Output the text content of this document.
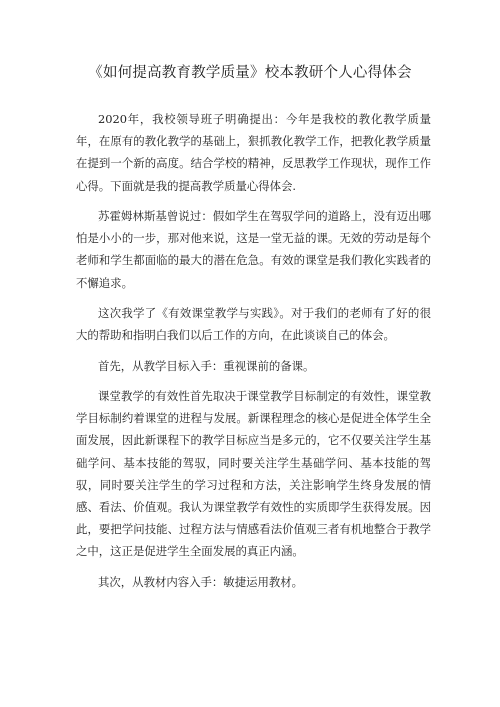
《如何提高教育教学质量》校本教研个人心得体会

2020年，我校领导班子明确提出：今年是我校的教化教学质量年，在原有的教化教学的基础上，狠抓教化教学工作，把教化教学质量在提到一个新的高度。结合学校的精神，反思教学工作现状，现作工作心得。下面就是我的提高教学质量心得体会.

苏霍姆林斯基曾说过：假如学生在驾驭学问的道路上，没有迈出哪怕是小小的一步，那对他来说，这是一堂无益的课。无效的劳动是每个老师和学生都面临的最大的潜在危急。有效的课堂是我们教化实践者的不懈追求。

这次我学了《有效课堂教学与实践》。对于我们的老师有了好的很大的帮助和指明白我们以后工作的方向，在此谈谈自己的体会。

首先，从教学目标入手：重视课前的备课。

课堂教学的有效性首先取决于课堂教学目标制定的有效性，课堂教学目标制约着课堂的进程与发展。新课程理念的核心是促进全体学生全面发展，因此新课程下的教学目标应当是多元的，它不仅要关注学生基础学问、基本技能的驾驭，同时要关注学生基础学问、基本技能的驾驭，同时要关注学生的学习过程和方法，关注影响学生终身发展的情感、看法、价值观。我认为课堂教学有效性的实质即学生获得发展。因此，要把学问技能、过程方法与情感看法价值观三者有机地整合于教学之中，这正是促进学生全面发展的真正内涵。

其次，从教材内容入手：敏捷运用教材。
